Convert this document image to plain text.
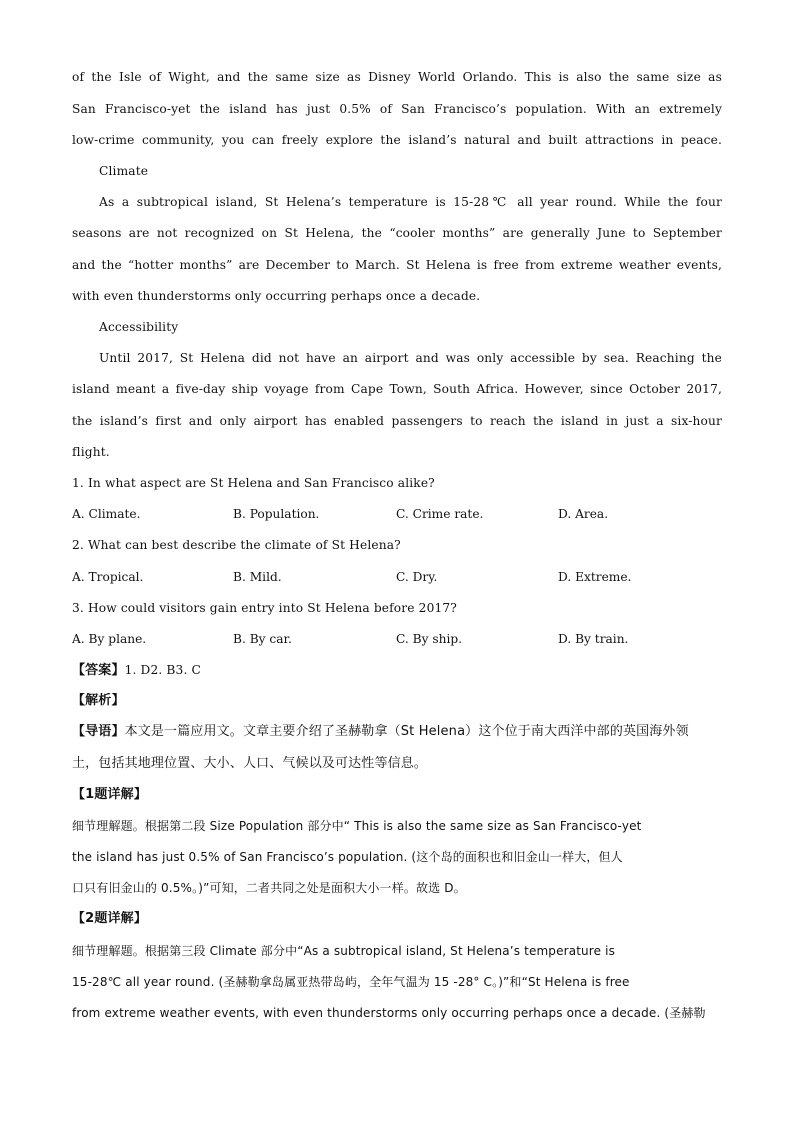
of the Isle of Wight, and the same size as Disney World Orlando. This is also the same size as
San Francisco-yet the island has just 0.5% of San Francisco’s population. With an extremely
low-crime community, you can freely explore the island’s natural and built attractions in peace.
Climate
As a subtropical island, St Helena’s temperature is 15-28℃ all year round. While the four
seasons are not recognized on St Helena, the “cooler months” are generally June to September
and the “hotter months” are December to March. St Helena is free from extreme weather events,
with even thunderstorms only occurring perhaps once a decade.
Accessibility
Until 2017, St Helena did not have an airport and was only accessible by sea. Reaching the
island meant a five-day ship voyage from Cape Town, South Africa. However, since October 2017,
the island’s first and only airport has enabled passengers to reach the island in just a six-hour
flight.
1. In what aspect are St Helena and San Francisco alike?
A. Climate.	B. Population.	C. Crime rate.	D. Area.
2. What can best describe the climate of St Helena?
A. Tropical.	B. Mild.	C. Dry.	D. Extreme.
3. How could visitors gain entry into St Helena before 2017?
A. By plane.	B. By car.	C. By ship.	D. By train.
【答案】1. D2. B3. C
【解析】
【导语】本文是一篇应用文。文章主要介绍了圣赫勒拿（St Helena）这个位于南大西洋中部的英国海外领
土，包括其地理位置、大小、人口、气候以及可达性等信息。
【1题详解】
细节理解题。根据第二段 Size Population 部分中“ This is also the same size as San Francisco-yet
the island has just 0.5% of San Francisco’s population. (这个岛的面积也和旧金山一样大，但人
口只有旧金山的 0.5%。)”可知，二者共同之处是面积大小一样。故选 D。
【2题详解】
细节理解题。根据第三段 Climate 部分中“As a subtropical island, St Helena’s temperature is
15-28℃ all year round. (圣赫勒拿岛属亚热带岛屿，全年气温为 15 -28° C。)”和“St Helena is free
from extreme weather events, with even thunderstorms only occurring perhaps once a decade. (圣赫勒
